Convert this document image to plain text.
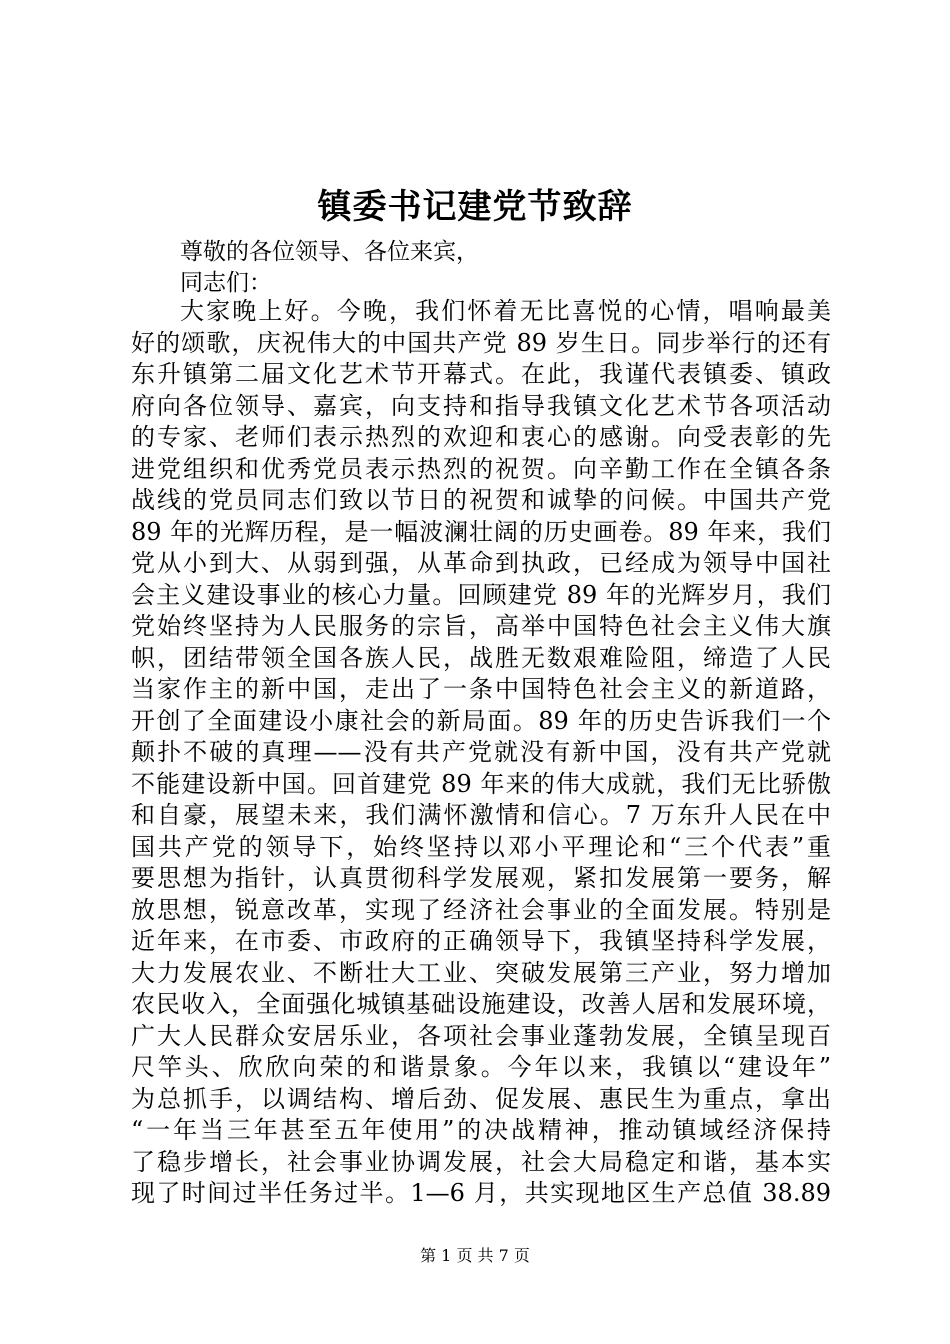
镇委书记建党节致辞
尊敬的各位领导、各位来宾，
同志们：
大家晚上好。今晚，我们怀着无比喜悦的心情，唱响最美
好的颂歌，庆祝伟大的中国共产党 89 岁生日。同步举行的还有
东升镇第二届文化艺术节开幕式。在此，我谨代表镇委、镇政
府向各位领导、嘉宾，向支持和指导我镇文化艺术节各项活动
的专家、老师们表示热烈的欢迎和衷心的感谢。向受表彰的先
进党组织和优秀党员表示热烈的祝贺。向辛勤工作在全镇各条
战线的党员同志们致以节日的祝贺和诚挚的问候。中国共产党
89 年的光辉历程，是一幅波澜壮阔的历史画卷。89 年来，我们
党从小到大、从弱到强，从革命到执政，已经成为领导中国社
会主义建设事业的核心力量。回顾建党 89 年的光辉岁月，我们
党始终坚持为人民服务的宗旨，高举中国特色社会主义伟大旗
帜，团结带领全国各族人民，战胜无数艰难险阻，缔造了人民
当家作主的新中国，走出了一条中国特色社会主义的新道路，
开创了全面建设小康社会的新局面。89 年的历史告诉我们一个
颠扑不破的真理——没有共产党就没有新中国，没有共产党就
不能建设新中国。回首建党 89 年来的伟大成就，我们无比骄傲
和自豪，展望未来，我们满怀激情和信心。7 万东升人民在中
国共产党的领导下，始终坚持以邓小平理论和“三个代表”重
要思想为指针，认真贯彻科学发展观，紧扣发展第一要务，解
放思想，锐意改革，实现了经济社会事业的全面发展。特别是
近年来，在市委、市政府的正确领导下，我镇坚持科学发展，
大力发展农业、不断壮大工业、突破发展第三产业，努力增加
农民收入，全面强化城镇基础设施建设，改善人居和发展环境，
广大人民群众安居乐业，各项社会事业蓬勃发展，全镇呈现百
尺竿头、欣欣向荣的和谐景象。今年以来，我镇以“建设年”
为总抓手，以调结构、增后劲、促发展、惠民生为重点，拿出
“一年当三年甚至五年使用”的决战精神，推动镇域经济保持
了稳步增长，社会事业协调发展，社会大局稳定和谐，基本实
现了时间过半任务过半。1—6 月，共实现地区生产总值 38.89
第 1 页 共 7 页
